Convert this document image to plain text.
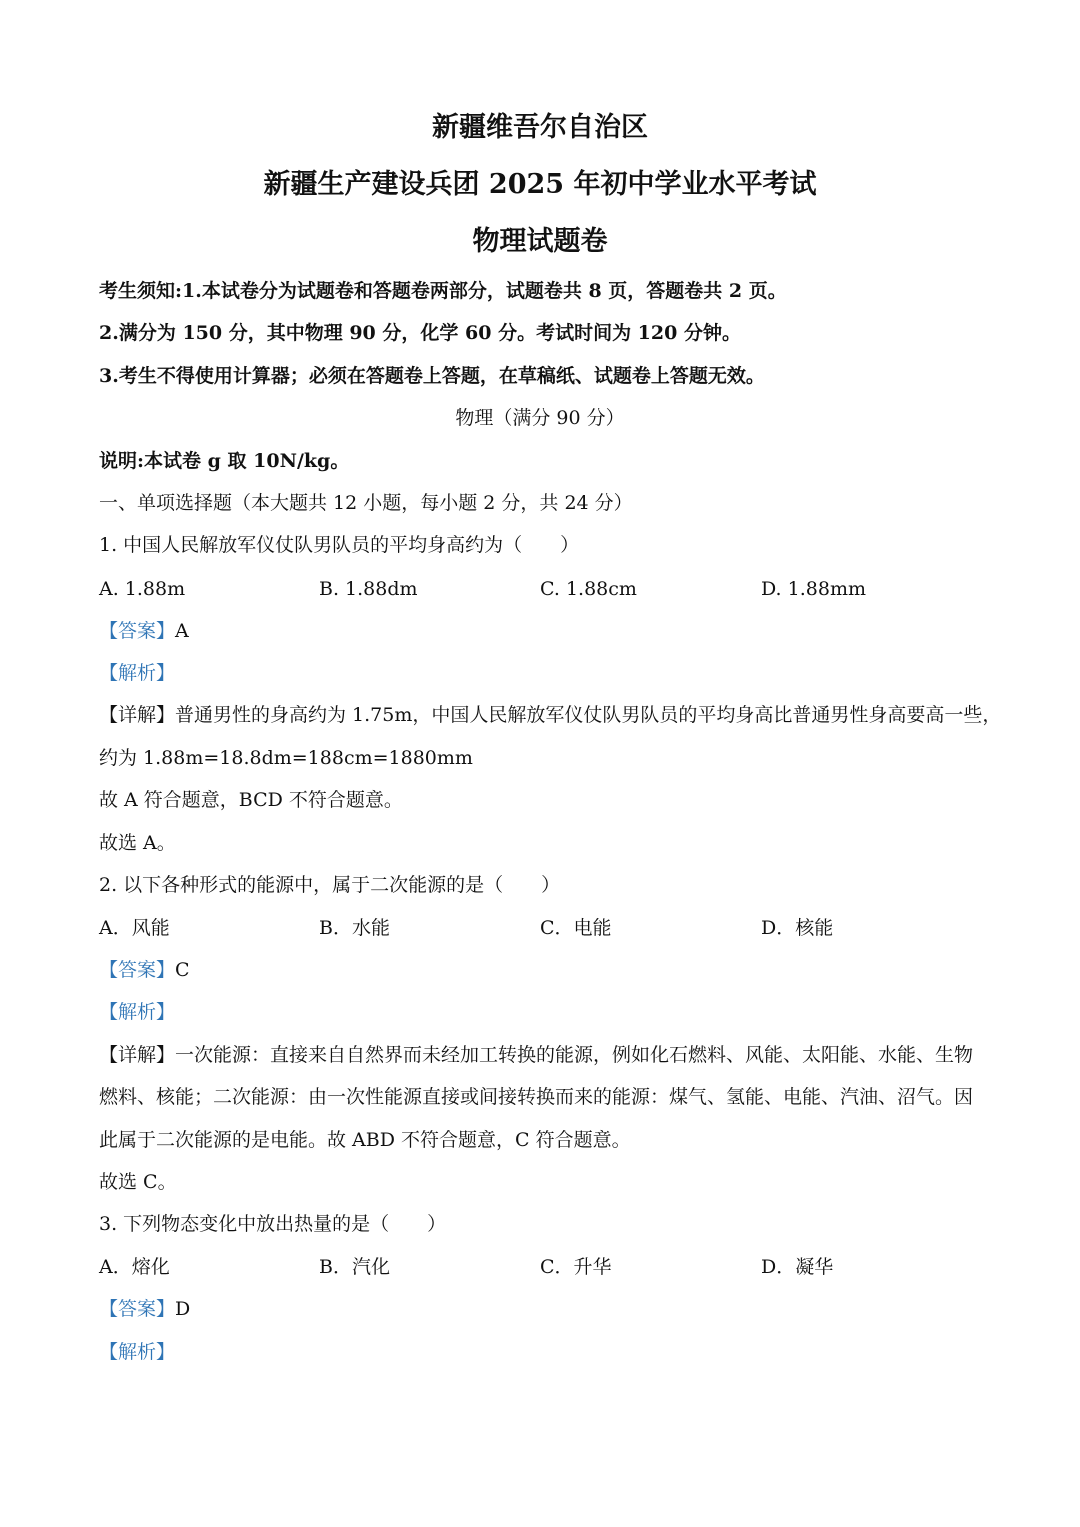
新疆维吾尔自治区
新疆生产建设兵团 2025 年初中学业水平考试
物理试题卷
考生须知:1.本试卷分为试题卷和答题卷两部分，试题卷共 8 页，答题卷共 2 页。
2.满分为 150 分，其中物理 90 分，化学 60 分。考试时间为 120 分钟。
3.考生不得使用计算器；必须在答题卷上答题，在草稿纸、试题卷上答题无效。
物理（满分 90 分）
说明:本试卷 g 取 10N/kg。
一、单项选择题（本大题共 12 小题，每小题 2 分，共 24 分）
1. 中国人民解放军仪仗队男队员的平均身高约为（　　）
A. 1.88m	B. 1.88dm	C. 1.88cm	D. 1.88mm
【答案】A
【解析】
【详解】普通男性的身高约为 1.75m，中国人民解放军仪仗队男队员的平均身高比普通男性身高要高一些，
约为 1.88m=18.8dm=188cm=1880mm
故 A 符合题意，BCD 不符合题意。
故选 A。
2. 以下各种形式的能源中，属于二次能源的是（　　）
A．风能	B．水能	C．电能	D．核能
【答案】C
【解析】
【详解】一次能源：直接来自自然界而未经加工转换的能源，例如化石燃料、风能、太阳能、水能、生物
燃料、核能；二次能源：由一次性能源直接或间接转换而来的能源：煤气、氢能、电能、汽油、沼气。因
此属于二次能源的是电能。故 ABD 不符合题意，C 符合题意。
故选 C。
3. 下列物态变化中放出热量的是（　　）
A．熔化	B．汽化	C．升华	D．凝华
【答案】D
【解析】
